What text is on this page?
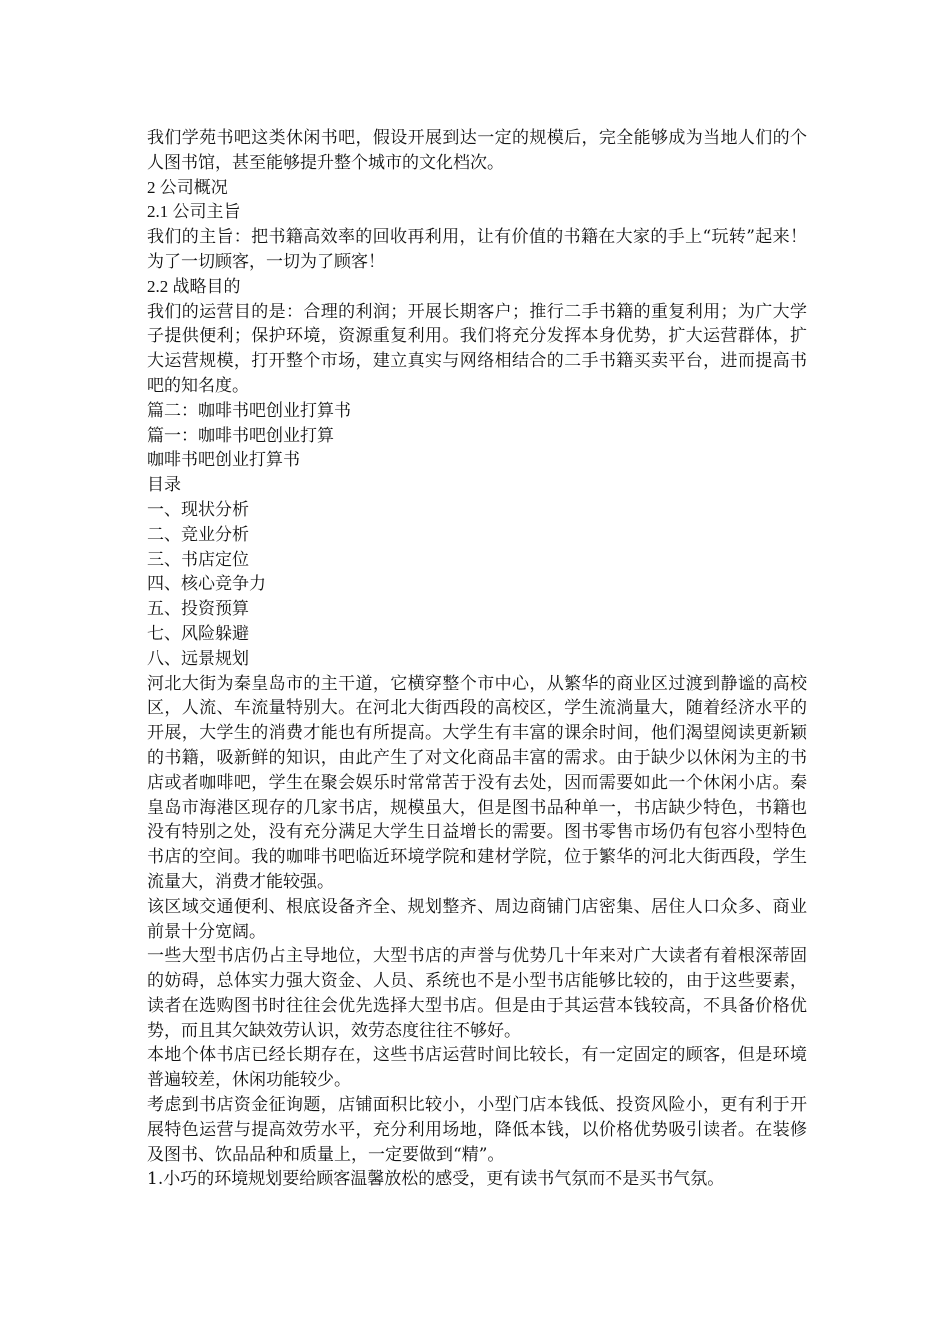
我们学苑书吧这类休闲书吧，假设开展到达一定的规模后，完全能够成为当地人们的个人图书馆，甚至能够提升整个城市的文化档次。

2 公司概况

2.1 公司主旨

我们的主旨：把书籍高效率的回收再利用，让有价值的书籍在大家的手上“玩转”起来！　为了一切顾客，一切为了顾客！

2.2 战略目的

我们的运营目的是：合理的利润；开展长期客户；推行二手书籍的重复利用；为广大学子提供便利；保护环境，资源重复利用。我们将充分发挥本身优势，扩大运营群体，扩大运营规模，打开整个市场，建立真实与网络相结合的二手书籍买卖平台，进而提高书吧的知名度。

篇二：咖啡书吧创业打算书

篇一：咖啡书吧创业打算

咖啡书吧创业打算书

目录

一、现状分析

二、竞业分析

三、书店定位

四、核心竞争力

五、投资预算

七、风险躲避

八、远景规划

河北大街为秦皇岛市的主干道，它横穿整个市中心，从繁华的商业区过渡到静谧的高校区，人流、车流量特别大。在河北大街西段的高校区，学生流淌量大，随着经济水平的开展，大学生的消费才能也有所提高。大学生有丰富的课余时间，他们渴望阅读更新颖的书籍，吸新鲜的知识，由此产生了对文化商品丰富的需求。由于缺少以休闲为主的书店或者咖啡吧，学生在聚会娱乐时常常苦于没有去处，因而需要如此一个休闲小店。秦皇岛市海港区现存的几家书店，规模虽大，但是图书品种单一，书店缺少特色，书籍也没有特别之处，没有充分满足大学生日益增长的需要。图书零售市场仍有包容小型特色书店的空间。我的咖啡书吧临近环境学院和建材学院，位于繁华的河北大街西段，学生流量大，消费才能较强。

该区域交通便利、根底设备齐全、规划整齐、周边商铺门店密集、居住人口众多、商业前景十分宽阔。

一些大型书店仍占主导地位，大型书店的声誉与优势几十年来对广大读者有着根深蒂固的妨碍，总体实力强大资金、人员、系统也不是小型书店能够比较的，由于这些要素，读者在选购图书时往往会优先选择大型书店。但是由于其运营本钱较高，不具备价格优势，而且其欠缺效劳认识，效劳态度往往不够好。

本地个体书店已经长期存在，这些书店运营时间比较长，有一定固定的顾客，但是环境普遍较差，休闲功能较少。

考虑到书店资金征询题，店铺面积比较小，小型门店本钱低、投资风险小，更有利于开展特色运营与提高效劳水平，充分利用场地，降低本钱，以价格优势吸引读者。在装修及图书、饮品品种和质量上，一定要做到“精”。

1.小巧的环境规划要给顾客温馨放松的感受，更有读书气氛而不是买书气氛。
